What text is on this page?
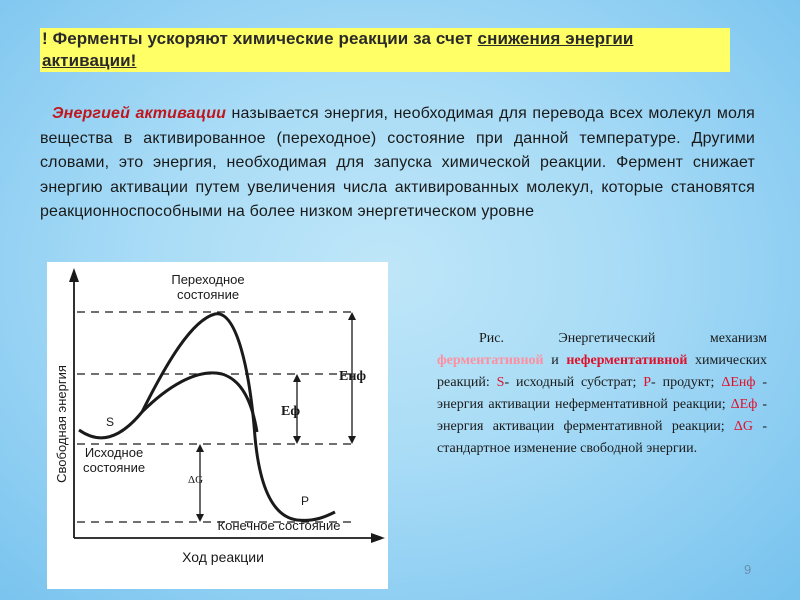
! Ферменты ускоряют химические реакции за счет снижения энергии активации!
Энергией активации называется энергия, необходимая для перевода всех молекул моля вещества в активированное (переходное) состояние при данной температуре. Другими словами, это энергия, необходимая для запуска химической реакции. Фермент снижает энергию активации путем увеличения числа активированных молекул, которые становятся реакционноспособными на более низком энергетическом уровне
Переходное
состояние
S
Исходное
состояние
P
Конечное состояние
Енф
Еф
ΔG
Ход реакции
Свободная энергия
Рис. Энергетический механизм ферментативной и неферментативной химических реакций: S- исходный субстрат; Р- продукт; ΔЕнф - энергия активации неферментативной реакции; ΔЕф - энергия активации ферментативной реакции; ΔG - стандартное изменение свободной энергии.
9
